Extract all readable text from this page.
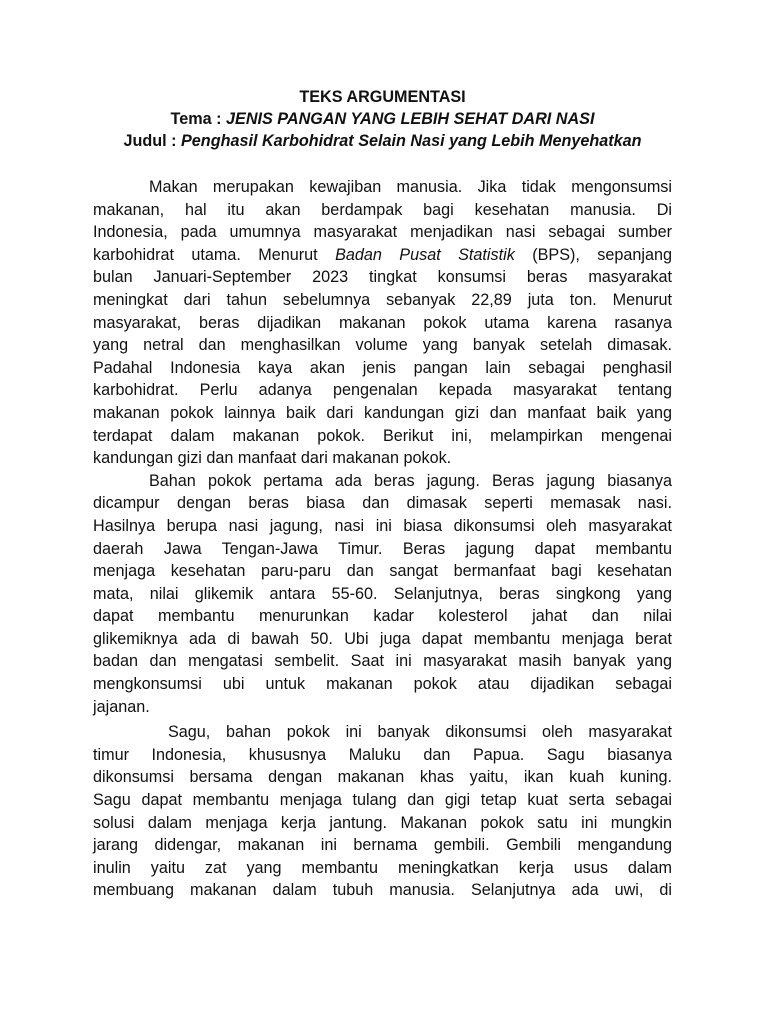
TEKS ARGUMENTASI
Tema : JENIS PANGAN YANG LEBIH SEHAT DARI NASI
Judul : Penghasil Karbohidrat Selain Nasi yang Lebih Menyehatkan

Makan merupakan kewajiban manusia. Jika tidak mengonsumsi
makanan, hal itu akan berdampak bagi kesehatan manusia. Di
Indonesia, pada umumnya masyarakat menjadikan nasi sebagai sumber
karbohidrat utama. Menurut Badan Pusat Statistik (BPS), sepanjang
bulan Januari-September 2023 tingkat konsumsi beras masyarakat
meningkat dari tahun sebelumnya sebanyak 22,89 juta ton. Menurut
masyarakat, beras dijadikan makanan pokok utama karena rasanya
yang netral dan menghasilkan volume yang banyak setelah dimasak.
Padahal Indonesia kaya akan jenis pangan lain sebagai penghasil
karbohidrat. Perlu adanya pengenalan kepada masyarakat tentang
makanan pokok lainnya baik dari kandungan gizi dan manfaat baik yang
terdapat dalam makanan pokok. Berikut ini, melampirkan mengenai
kandungan gizi dan manfaat dari makanan pokok.

Bahan pokok pertama ada beras jagung. Beras jagung biasanya
dicampur dengan beras biasa dan dimasak seperti memasak nasi.
Hasilnya berupa nasi jagung, nasi ini biasa dikonsumsi oleh masyarakat
daerah Jawa Tengan-Jawa Timur. Beras jagung dapat membantu
menjaga kesehatan paru-paru dan sangat bermanfaat bagi kesehatan
mata, nilai glikemik antara 55-60. Selanjutnya, beras singkong yang
dapat membantu menurunkan kadar kolesterol jahat dan nilai
glikemiknya ada di bawah 50. Ubi juga dapat membantu menjaga berat
badan dan mengatasi sembelit. Saat ini masyarakat masih banyak yang
mengkonsumsi ubi untuk makanan pokok atau dijadikan sebagai
jajanan.

Sagu, bahan pokok ini banyak dikonsumsi oleh masyarakat
timur Indonesia, khususnya Maluku dan Papua. Sagu biasanya
dikonsumsi bersama dengan makanan khas yaitu, ikan kuah kuning.
Sagu dapat membantu menjaga tulang dan gigi tetap kuat serta sebagai
solusi dalam menjaga kerja jantung. Makanan pokok satu ini mungkin
jarang didengar, makanan ini bernama gembili. Gembili mengandung
inulin yaitu zat yang membantu meningkatkan kerja usus dalam
membuang makanan dalam tubuh manusia. Selanjutnya ada uwi, di
